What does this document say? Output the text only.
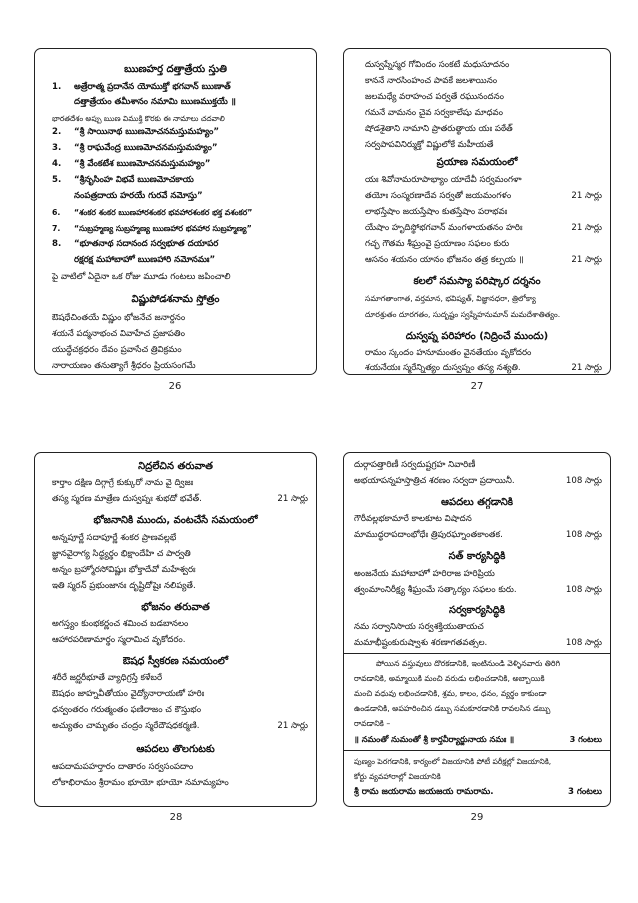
ఋణహర్త దత్తాత్రేయ స్తుతి
1. అత్రేరాత్మ ప్రదానేన యోముక్తో భగవాన్ ఋణాత్
దత్తాత్రేయం తమీశానం నమామి ఋణముక్తయే ॥
భారతదేశం అప్పు ఋణ విముక్తి కొరకు ఈ నామాలు చదవాలి
2. “శ్రీ సాయినాథ ఋణమోచనమస్తుమహ్యం”
3. “శ్రీ రాఘవేంద్ర ఋణమోచనమస్తుమహ్యం”
4. “శ్రీ వేంకటేశ ఋణమోచనమస్తుమహ్యం”
5. “శ్రీనృసింహ విభవే ఋణమోచకాయ
నంపత్రదాయ హరయే గురవే నమోస్తు”
6. “శంకర శంకర ఋణహారశంకర భవహారశంకర భక్త వశంకర”
7. “సుబ్రహ్మణ్య సుబ్రహ్మణ్య ఋణహార భవహార సుబ్రహ్మణ్య”
8. “భూతనాథ సదానంద సర్వభూత దయాపర
రక్షరక్ష మహాబాహో ఋణహారి నమోనమః”
పై వాటిలో ఏదైనా ఒక రోజు మూడు గంటలు జపించాలి
విష్ణుపోడశనామ స్తోత్రం
ఔషధేచింతయే విష్ణుం భోజనేచ జనార్దనం
శయనే పద్మనాభంచ వివాహేచ ప్రజాపతిం
యుద్ధేచక్రధరం దేవం ప్రవాసేచ త్రివిక్రమం
నారాయణం తనుత్యాగే శ్రీధరం ప్రియసంగమే
26
దుస్వప్నేస్మర గోవిందం సంకటే మధుసూదనం
కాననే నారసింహంచ పావకే జలశాయినం
జలమధ్యే వరాహంచ పర్వతే రఘునందనం
గమనే వామనం చైవ సర్వకాలేషు మాధవం
షోడశైతాని నామాని ప్రాతరుత్థాయ యః పఠేత్
సర్వపాపవినిర్ముక్తో విష్ణులోకే మహీయతే
ప్రయాణ సమయంలో
యః శివోనామరూపాభ్యాం యాదేవీ సర్వమంగళా
తయోః సంస్మరణాదేవ సర్వతో జయమంగళం	21 సార్లు
లాభస్తేషాం జయస్తేషాం కుతస్తేషాం పరాభవః
యేషాం హృదిస్థోభగవాన్ మంగళాయతనం హరిః	21 సార్లు
గచ్ఛ గౌతమ శీఘ్రంవై ప్రయాణం సఫలం కురు
ఆసనం శయనం యానం భోజనం తత్ర కల్పయ ॥	21 సార్లు
కలలో సమస్యా పరిష్కార దర్శనం
సమాగతాంగాత, వర్తమాన, భవిష్యత్, విజ్ఞానధరా, త్రిలోక్యా
దూరశ్రుతం దూరగతం, సుదృష్టం స్వప్నేహనుమాన్ మమదేశాతిత్యం.
దుస్వప్న పరిహారం (నిద్రించే ముందు)
రామం స్కందం హనూమంతం వైనతేయం వృకోదరం
శయనేయః స్మరేన్నిత్యం దుస్వప్నం తస్య నశ్యతి.	21 సార్లు
27
నిద్రలేచిన తరువాత
కార్తాం దక్షిణ దిగ్గాగ్రే కుక్కురో నామ వై ద్విజః
తస్య స్మరణ మాత్రేణ దుస్వప్నః శుభదో భవేత్.	21 సార్లు
భోజనానికి ముందు, వంటచేసే సమయంలో
అన్నపూర్ణే సదాపూర్ణే శంకర ప్రాణవల్లభే
జ్ఞానవైరాగ్య సిద్ధ్యర్థం భిక్షాందేహి చ పార్వతి
అన్నం బ్రహ్మోరసోవిష్ణుః భోక్తాదేవో మహేశ్వరః
ఇతి స్మరన్ ప్రభుంజానః దృష్టిదోషైః నలిప్యతే.
భోజనం తరువాత
అగస్త్యం కుంభకర్ణంచ శమించ బడబానలం
ఆహారపరిణామార్థం స్మరామిచ వృకోదరం.
ఔషధ స్వీకరణ సమయంలో
శరీరే జర్ఝరీభూతే వ్యాధిగ్రస్తే కళేబరే
ఔషధం జాహ్నవీతోయం వైద్యోనారాయణో హరిః
ధన్వంతరం గరుత్మంతం ఫణిరాజం చ కౌస్తుభం
అచ్యుతం చామృతం చంద్రం స్మరేదౌషధకర్మణి.	21 సార్లు
ఆపదలు తొలగుటకు
ఆపదామపహర్తారం దాతారం సర్వసంపదాం
లోకాభిరామం శ్రీరామం భూయో భూయో నమామ్యహం
28
దుర్గాపత్తారిణీ సర్వదుష్టగ్రహ నివారిణీ
అభయాపన్నహస్తాత్రిచ శరణం సర్వదా ప్రదాయినీ.	108 సార్లు
ఆపదలు తగ్గడానికి
గౌరీవల్లభకామారే కాలకూట విషాదన
మాముద్ధరాపదాంభోధేః త్రిపురఘ్నాంతకాంతక.	108 సార్లు
సత్ కార్యసిద్ధికి
అంజనేయ మహాబాహో హరిరాజ హరిప్రియ
త్వంమాంనిరీక్ష్య శీఘ్రంమే సత్కార్యం సఫలం కురు.	108 సార్లు
సర్వకార్యసిద్ధికి
నమ సర్వానిసాయ సర్వశక్తియుతాయచ
మమాభీష్టంకురుష్వాశు శరణాగతవత్సల.	108 సార్లు
పోయిన వస్తువులు దొరకడానికి, ఇంటినుండి వెళ్ళినవారు తిరిగి
రావడానికి, అమ్మాయికి మంచి వరుడు లభించడానికి, అబ్బాయికి
మంచి వధువు లభించడానికి, శ్రమ, కాలం, ధనం, వ్యర్థం కాకుండా
ఉండడానికి, అపహరించిన డబ్బు సమకూరడానికి రావలసిన డబ్బు
రావడానికి –
॥ నమంతో నుమంతో శ్రీ కార్తవీర్యార్జునాయ నమః ॥	3 గంటలు
పుణ్యం పెరగడానికి, కార్యంలో విజయానికి పోటీ పరీక్షల్లో విజయానికి,
కోర్టు వ్యవహారాల్లో విజయానికి
శ్రీ రామ జయరామ జయజయ రామరామ.	3 గంటలు
29
